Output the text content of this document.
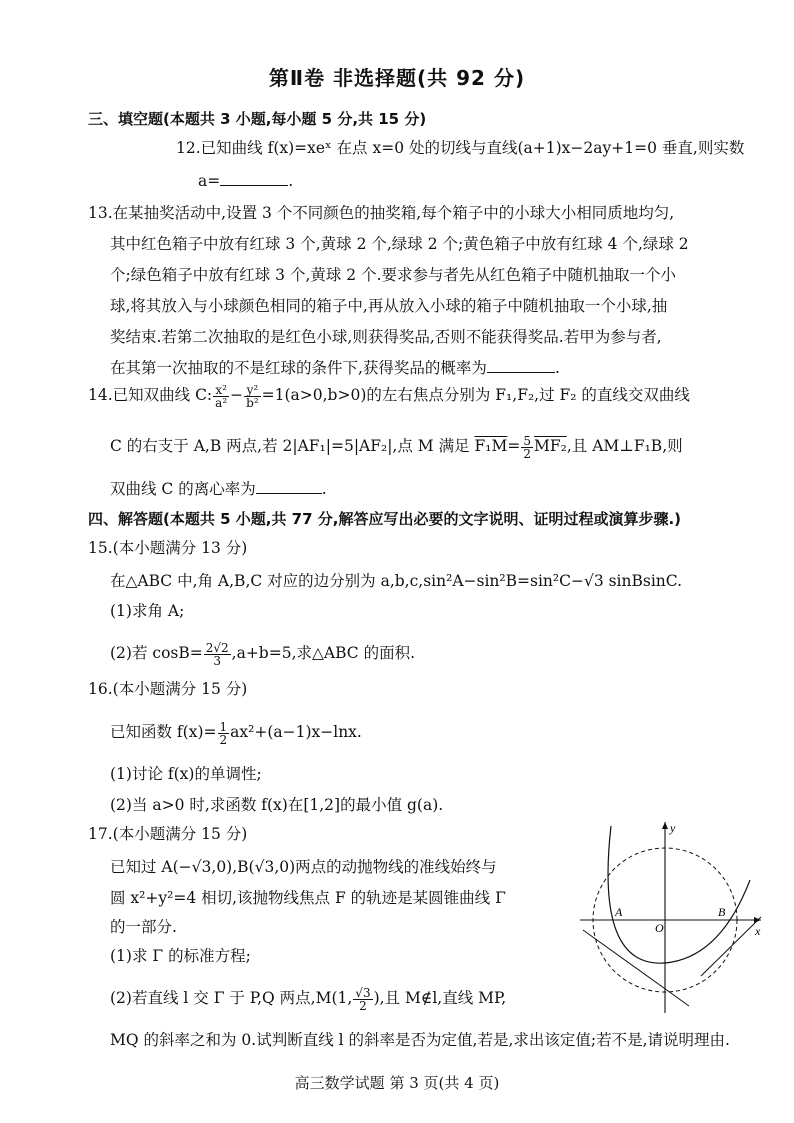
第Ⅱ卷 非选择题(共 92 分)
三、填空题(本题共 3 小题,每小题 5 分,共 15 分)
12.已知曲线 f(x)=xeˣ 在点 x=0 处的切线与直线(a+1)x−2ay+1=0 垂直,则实数
a=	.
13.在某抽奖活动中,设置 3 个不同颜色的抽奖箱,每个箱子中的小球大小相同质地均匀,
其中红色箱子中放有红球 3 个,黄球 2 个,绿球 2 个;黄色箱子中放有红球 4 个,绿球 2
个;绿色箱子中放有红球 3 个,黄球 2 个.要求参与者先从红色箱子中随机抽取一个小
球,将其放入与小球颜色相同的箱子中,再从放入小球的箱子中随机抽取一个小球,抽
奖结束.若第二次抽取的是红色小球,则获得奖品,否则不能获得奖品.若甲为参与者,
在其第一次抽取的不是红球的条件下,获得奖品的概率为	.
14.已知双曲线 C: $\frac{\text{x²}}{\text{a²}} - \frac{\text{y²}}{\text{b²}} =1(a>0,b>0)$的左右焦点分别为 F₁,F₂,过 F₂ 的直线交双曲线
C 的右支于 A,B 两点,若 2|AF₁|=5|AF₂|,点 M 满足 $F_1M= \frac{5}{2} MF_2$,且 AM⊥F₁B,则
双曲线 C 的离心率为	.
四、解答题(本题共 5 小题,共 77 分,解答应写出必要的文字说明、证明过程或演算步骤.)
15.(本小题满分 13 分)
在△ABC 中,角 A,B,C 对应的边分别为 a,b,c,sin²A−sin²B=sin²C−√3 sinBsinC.
(1)求角 A;
(2)若 $\cos B= \frac{2√2}{3} ,a+b=5$,求△ABC 的面积.
16.(本小题满分 15 分)
已知函数 $f(x)= \frac{1}{2} ax^2+(a-1)x-\ln x$.
(1)讨论 f(x)的单调性;
(2)当 a>0 时,求函数 f(x)在[1,2]的最小值 g(a).
17.(本小题满分 15 分)
已知过 A(−√3,0),B(√3,0)两点的动抛物线的准线始终与
圆 x²+y²=4 相切,该抛物线焦点 F 的轨迹是某圆锥曲线 Γ
的一部分.
(1)求 Γ 的标准方程;
(2)若直线 l 交 Γ 于 P,Q 两点,M(1, $\frac{√3}{2}$ ),且 M∉l,直线 MP,
MQ 的斜率之和为 0.试判断直线 l 的斜率是否为定值,若是,求出该定值;若不是,请说明理由.
y
x
O
A	B
高三数学试题 第 3 页(共 4 页)
